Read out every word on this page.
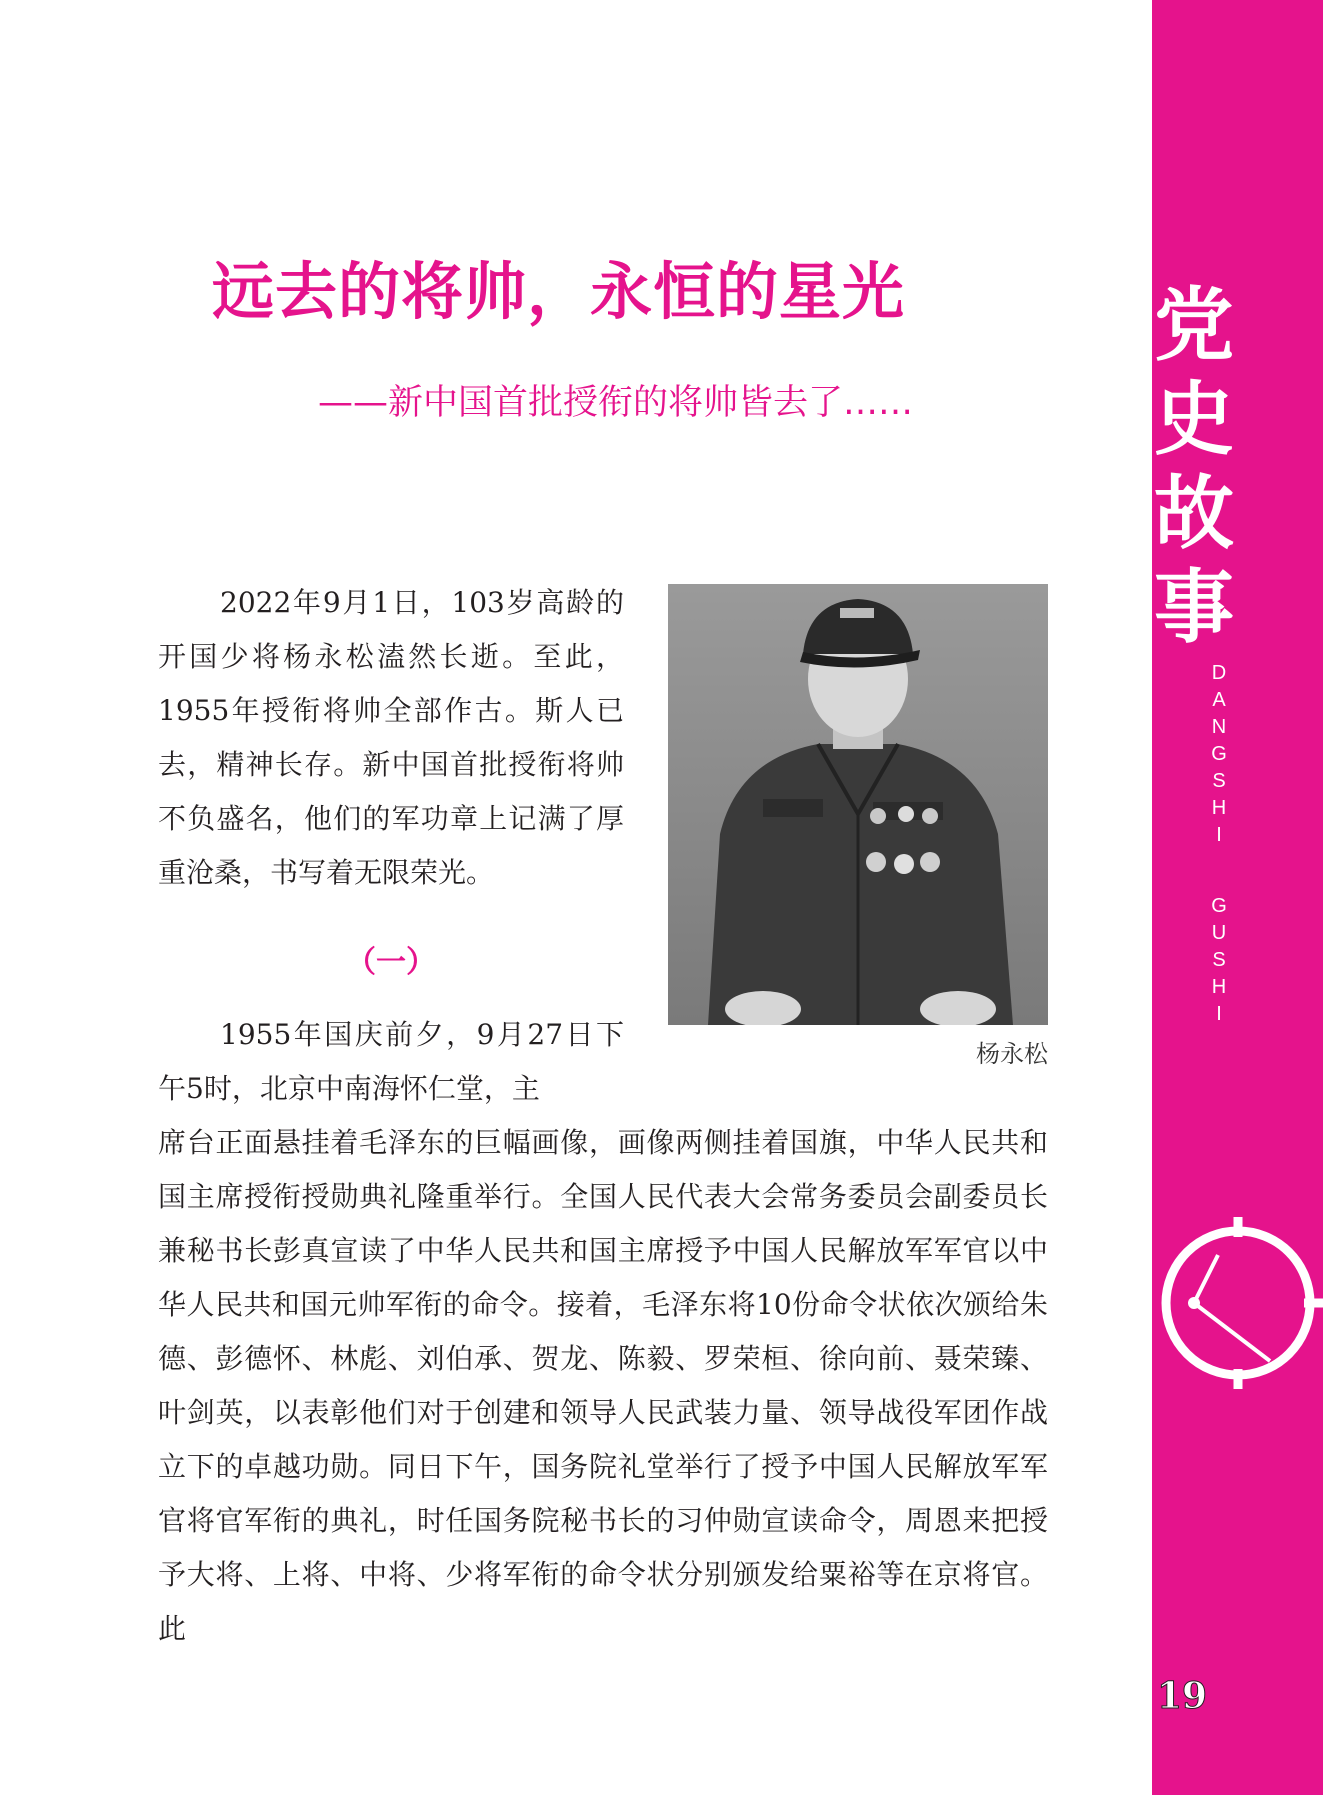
党
史
故
事
D
A
N
G
S
H
I
G
U
S
H
I
19
远去的将帅，永恒的星光

——新中国首批授衔的将帅皆去了……

2022年9月1日，103岁高龄的开国少将杨永松溘然长逝。至此，1955年授衔将帅全部作古。斯人已去，精神长存。新中国首批授衔将帅不负盛名，他们的军功章上记满了厚重沧桑，书写着无限荣光。

杨永松

（一）

1955年国庆前夕，9月27日下午5时，北京中南海怀仁堂，主

席台正面悬挂着毛泽东的巨幅画像，画像两侧挂着国旗，中华人民共和国主席授衔授勋典礼隆重举行。全国人民代表大会常务委员会副委员长兼秘书长彭真宣读了中华人民共和国主席授予中国人民解放军军官以中华人民共和国元帅军衔的命令。接着，毛泽东将10份命令状依次颁给朱德、彭德怀、林彪、刘伯承、贺龙、陈毅、罗荣桓、徐向前、聂荣臻、叶剑英，以表彰他们对于创建和领导人民武装力量、领导战役军团作战立下的卓越功勋。同日下午，国务院礼堂举行了授予中国人民解放军军官将官军衔的典礼，时任国务院秘书长的习仲勋宣读命令，周恩来把授予大将、上将、中将、少将军衔的命令状分别颁发给粟裕等在京将官。此
